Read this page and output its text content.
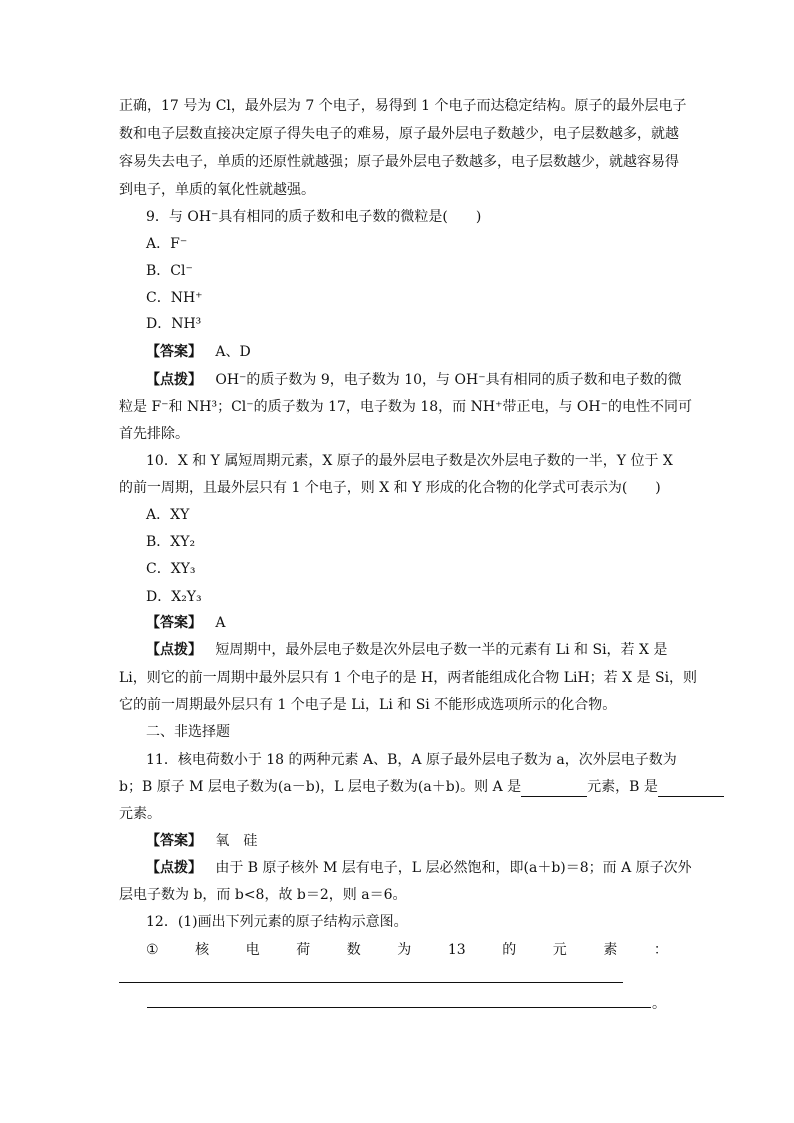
正确，17 号为 Cl，最外层为 7 个电子，易得到 1 个电子而达稳定结构。原子的最外层电子
数和电子层数直接决定原子得失电子的难易，原子最外层电子数越少，电子层数越多，就越
容易失去电子，单质的还原性就越强；原子最外层电子数越多，电子层数越少，就越容易得
到电子，单质的氧化性就越强。
9．与 OH⁻具有相同的质子数和电子数的微粒是(　　)
A．F⁻
B．Cl⁻
C．NH⁺
D．NH³
【答案】 A、D
【点拨】 OH⁻的质子数为 9，电子数为 10，与 OH⁻具有相同的质子数和电子数的微
粒是 F⁻和 NH³；Cl⁻的质子数为 17，电子数为 18，而 NH⁺带正电，与 OH⁻的电性不同可
首先排除。
10．X 和 Y 属短周期元素，X 原子的最外层电子数是次外层电子数的一半，Y 位于 X
的前一周期，且最外层只有 1 个电子，则 X 和 Y 形成的化合物的化学式可表示为(　　)
A．XY
B．XY₂
C．XY₃
D．X₂Y₃
【答案】 A
【点拨】 短周期中，最外层电子数是次外层电子数一半的元素有 Li 和 Si，若 X 是
Li，则它的前一周期中最外层只有 1 个电子的是 H，两者能组成化合物 LiH；若 X 是 Si，则
它的前一周期最外层只有 1 个电子是 Li，Li 和 Si 不能形成选项所示的化合物。
二、非选择题
11．核电荷数小于 18 的两种元素 A、B，A 原子最外层电子数为 a，次外层电子数为
b；B 原子 M 层电子数为(a－b)，L 层电子数为(a＋b)。则 A 是	元素，B 是
元素。
【答案】 氧　硅
【点拨】 由于 B 原子核外 M 层有电子，L 层必然饱和，即(a＋b)＝8；而 A 原子次外
层电子数为 b，而 b<8，故 b＝2，则 a＝6。
12．(1)画出下列元素的原子结构示意图。
①	核	电	荷	数	为	13	的	元	素	：
。
